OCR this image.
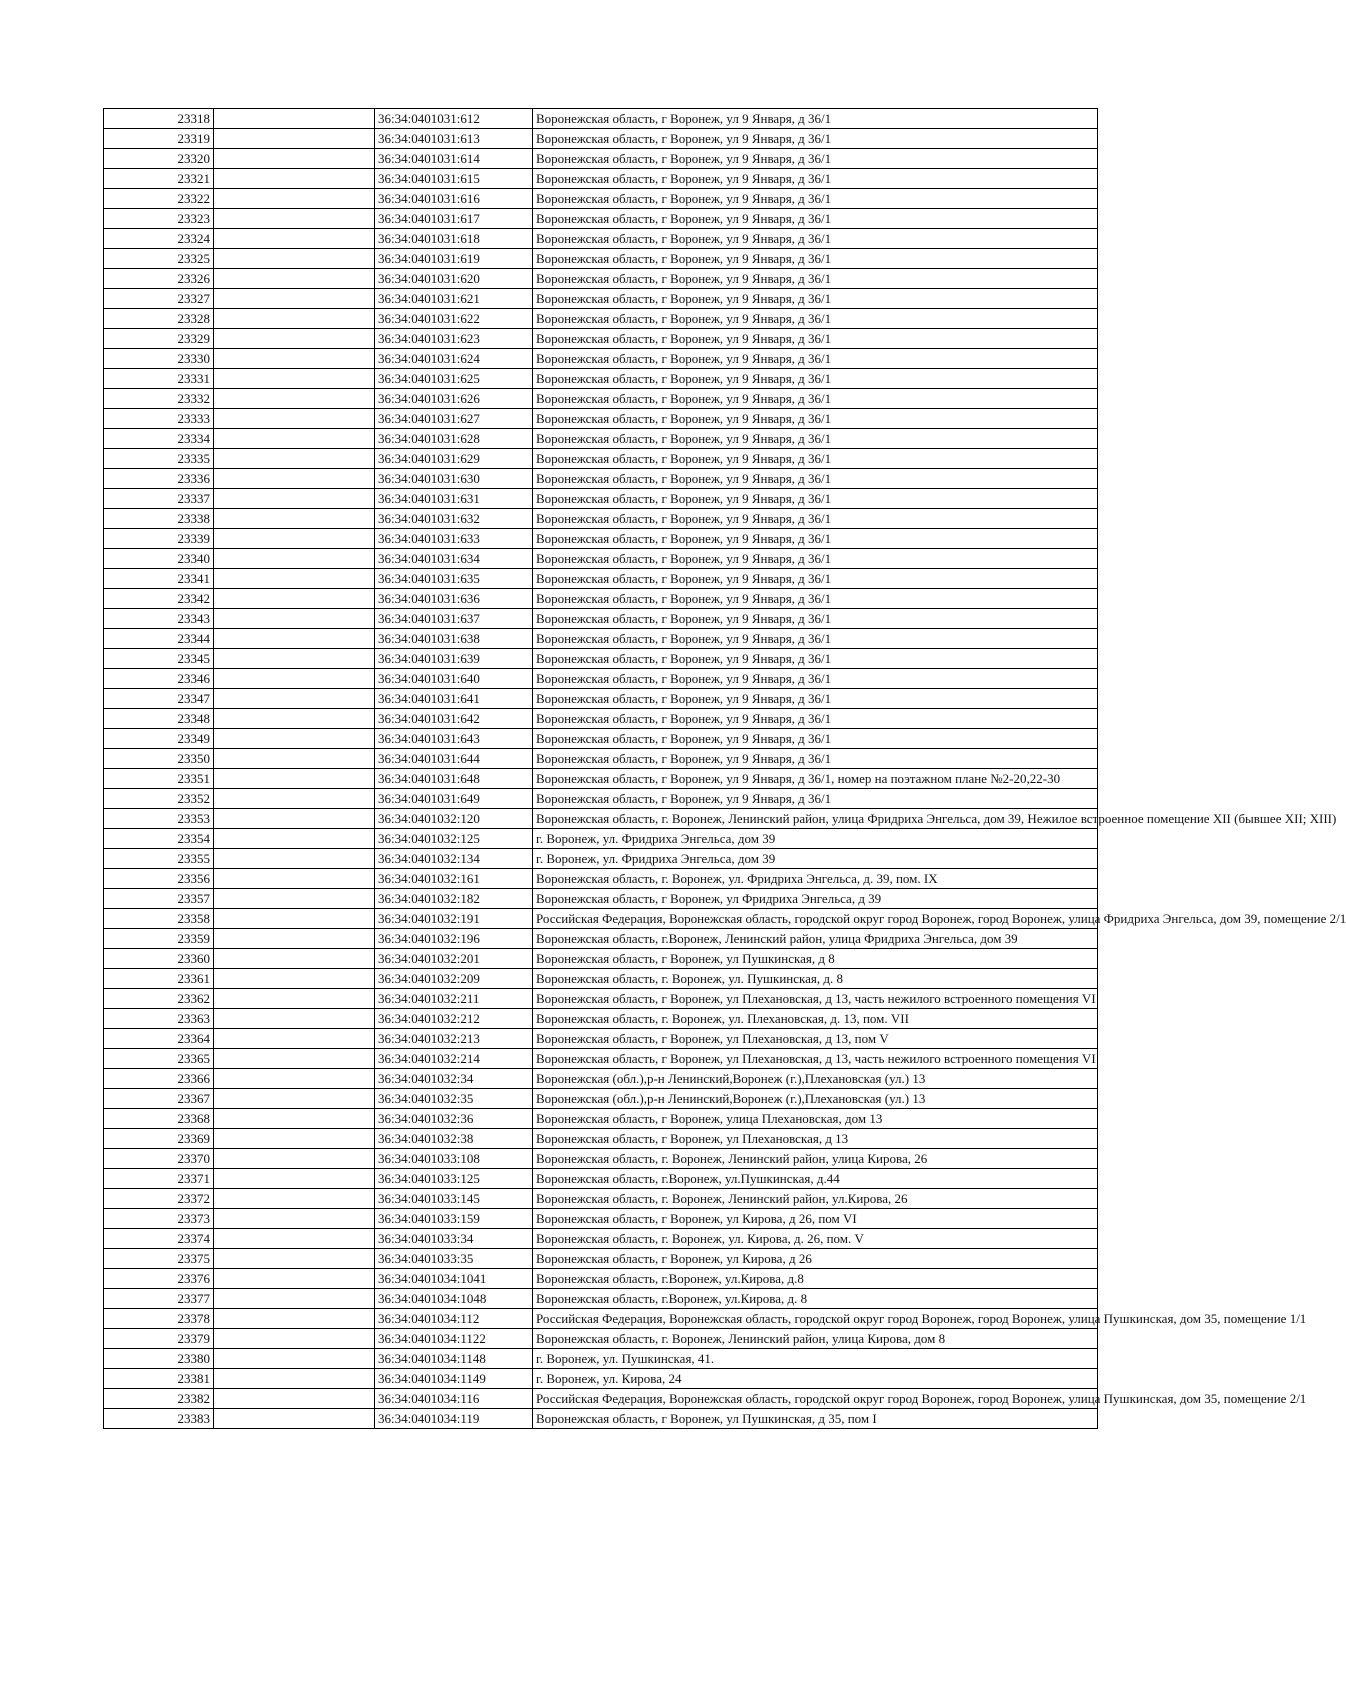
23318		36:34:0401031:612	Воронежская область, г Воронеж, ул 9 Января, д 36/1
23319		36:34:0401031:613	Воронежская область, г Воронеж, ул 9 Января, д 36/1
23320		36:34:0401031:614	Воронежская область, г Воронеж, ул 9 Января, д 36/1
23321		36:34:0401031:615	Воронежская область, г Воронеж, ул 9 Января, д 36/1
23322		36:34:0401031:616	Воронежская область, г Воронеж, ул 9 Января, д 36/1
23323		36:34:0401031:617	Воронежская область, г Воронеж, ул 9 Января, д 36/1
23324		36:34:0401031:618	Воронежская область, г Воронеж, ул 9 Января, д 36/1
23325		36:34:0401031:619	Воронежская область, г Воронеж, ул 9 Января, д 36/1
23326		36:34:0401031:620	Воронежская область, г Воронеж, ул 9 Января, д 36/1
23327		36:34:0401031:621	Воронежская область, г Воронеж, ул 9 Января, д 36/1
23328		36:34:0401031:622	Воронежская область, г Воронеж, ул 9 Января, д 36/1
23329		36:34:0401031:623	Воронежская область, г Воронеж, ул 9 Января, д 36/1
23330		36:34:0401031:624	Воронежская область, г Воронеж, ул 9 Января, д 36/1
23331		36:34:0401031:625	Воронежская область, г Воронеж, ул 9 Января, д 36/1
23332		36:34:0401031:626	Воронежская область, г Воронеж, ул 9 Января, д 36/1
23333		36:34:0401031:627	Воронежская область, г Воронеж, ул 9 Января, д 36/1
23334		36:34:0401031:628	Воронежская область, г Воронеж, ул 9 Января, д 36/1
23335		36:34:0401031:629	Воронежская область, г Воронеж, ул 9 Января, д 36/1
23336		36:34:0401031:630	Воронежская область, г Воронеж, ул 9 Января, д 36/1
23337		36:34:0401031:631	Воронежская область, г Воронеж, ул 9 Января, д 36/1
23338		36:34:0401031:632	Воронежская область, г Воронеж, ул 9 Января, д 36/1
23339		36:34:0401031:633	Воронежская область, г Воронеж, ул 9 Января, д 36/1
23340		36:34:0401031:634	Воронежская область, г Воронеж, ул 9 Января, д 36/1
23341		36:34:0401031:635	Воронежская область, г Воронеж, ул 9 Января, д 36/1
23342		36:34:0401031:636	Воронежская область, г Воронеж, ул 9 Января, д 36/1
23343		36:34:0401031:637	Воронежская область, г Воронеж, ул 9 Января, д 36/1
23344		36:34:0401031:638	Воронежская область, г Воронеж, ул 9 Января, д 36/1
23345		36:34:0401031:639	Воронежская область, г Воронеж, ул 9 Января, д 36/1
23346		36:34:0401031:640	Воронежская область, г Воронеж, ул 9 Января, д 36/1
23347		36:34:0401031:641	Воронежская область, г Воронеж, ул 9 Января, д 36/1
23348		36:34:0401031:642	Воронежская область, г Воронеж, ул 9 Января, д 36/1
23349		36:34:0401031:643	Воронежская область, г Воронеж, ул 9 Января, д 36/1
23350		36:34:0401031:644	Воронежская область, г Воронеж, ул 9 Января, д 36/1
23351		36:34:0401031:648	Воронежская область, г Воронеж, ул 9 Января, д 36/1, номер на поэтажном плане №2-20,22-30
23352		36:34:0401031:649	Воронежская область, г Воронеж, ул 9 Января, д 36/1
23353		36:34:0401032:120	Воронежская область, г. Воронеж, Ленинский район, улица Фридриха Энгельса, дом 39, Нежилое встроенное помещение XII (бывшее XII; XIII)
23354		36:34:0401032:125	г. Воронеж, ул. Фридриха Энгельса, дом 39
23355		36:34:0401032:134	г. Воронеж, ул. Фридриха Энгельса, дом 39
23356		36:34:0401032:161	Воронежская область, г. Воронеж, ул. Фридриха Энгельса, д. 39, пом. IX
23357		36:34:0401032:182	Воронежская область, г Воронеж, ул Фридриха Энгельса, д 39
23358		36:34:0401032:191	Российская Федерация, Воронежская область, городской округ город Воронеж, город Воронеж, улица Фридриха Энгельса, дом 39, помещение 2/1
23359		36:34:0401032:196	Воронежская область, г.Воронеж, Ленинский район, улица Фридриха Энгельса, дом 39
23360		36:34:0401032:201	Воронежская область, г Воронеж, ул Пушкинская, д 8
23361		36:34:0401032:209	Воронежская область, г. Воронеж, ул. Пушкинская, д. 8
23362		36:34:0401032:211	Воронежская область, г Воронеж, ул Плехановская, д 13, часть нежилого встроенного помещения VI
23363		36:34:0401032:212	Воронежская область, г. Воронеж, ул. Плехановская, д. 13, пом. VII
23364		36:34:0401032:213	Воронежская область, г Воронеж, ул Плехановская, д 13, пом V
23365		36:34:0401032:214	Воронежская область, г Воронеж, ул Плехановская, д 13, часть нежилого встроенного помещения VI
23366		36:34:0401032:34	Воронежская (обл.),р-н Ленинский,Воронеж (г.),Плехановская (ул.) 13
23367		36:34:0401032:35	Воронежская (обл.),р-н Ленинский,Воронеж (г.),Плехановская (ул.) 13
23368		36:34:0401032:36	Воронежская область, г Воронеж, улица Плехановская, дом 13
23369		36:34:0401032:38	Воронежская область, г Воронеж, ул Плехановская, д 13
23370		36:34:0401033:108	Воронежская область, г. Воронеж, Ленинский район, улица Кирова, 26
23371		36:34:0401033:125	Воронежская область, г.Воронеж, ул.Пушкинская, д.44
23372		36:34:0401033:145	Воронежская область, г. Воронеж, Ленинский район, ул.Кирова, 26
23373		36:34:0401033:159	Воронежская область, г Воронеж, ул Кирова, д 26, пом VI
23374		36:34:0401033:34	Воронежская область, г. Воронеж, ул. Кирова, д. 26, пом. V
23375		36:34:0401033:35	Воронежская область, г Воронеж, ул Кирова, д 26
23376		36:34:0401034:1041	Воронежская область, г.Воронеж, ул.Кирова, д.8
23377		36:34:0401034:1048	Воронежская область, г.Воронеж, ул.Кирова, д. 8
23378		36:34:0401034:112	Российская Федерация, Воронежская область, городской округ город Воронеж, город Воронеж, улица Пушкинская, дом 35, помещение 1/1
23379		36:34:0401034:1122	Воронежская область, г. Воронеж, Ленинский район, улица Кирова, дом 8
23380		36:34:0401034:1148	г. Воронеж, ул. Пушкинская, 41.
23381		36:34:0401034:1149	г. Воронеж, ул. Кирова, 24
23382		36:34:0401034:116	Российская Федерация, Воронежская область, городской округ город Воронеж, город Воронеж, улица Пушкинская, дом 35, помещение 2/1
23383		36:34:0401034:119	Воронежская область, г Воронеж, ул Пушкинская, д 35, пом I
